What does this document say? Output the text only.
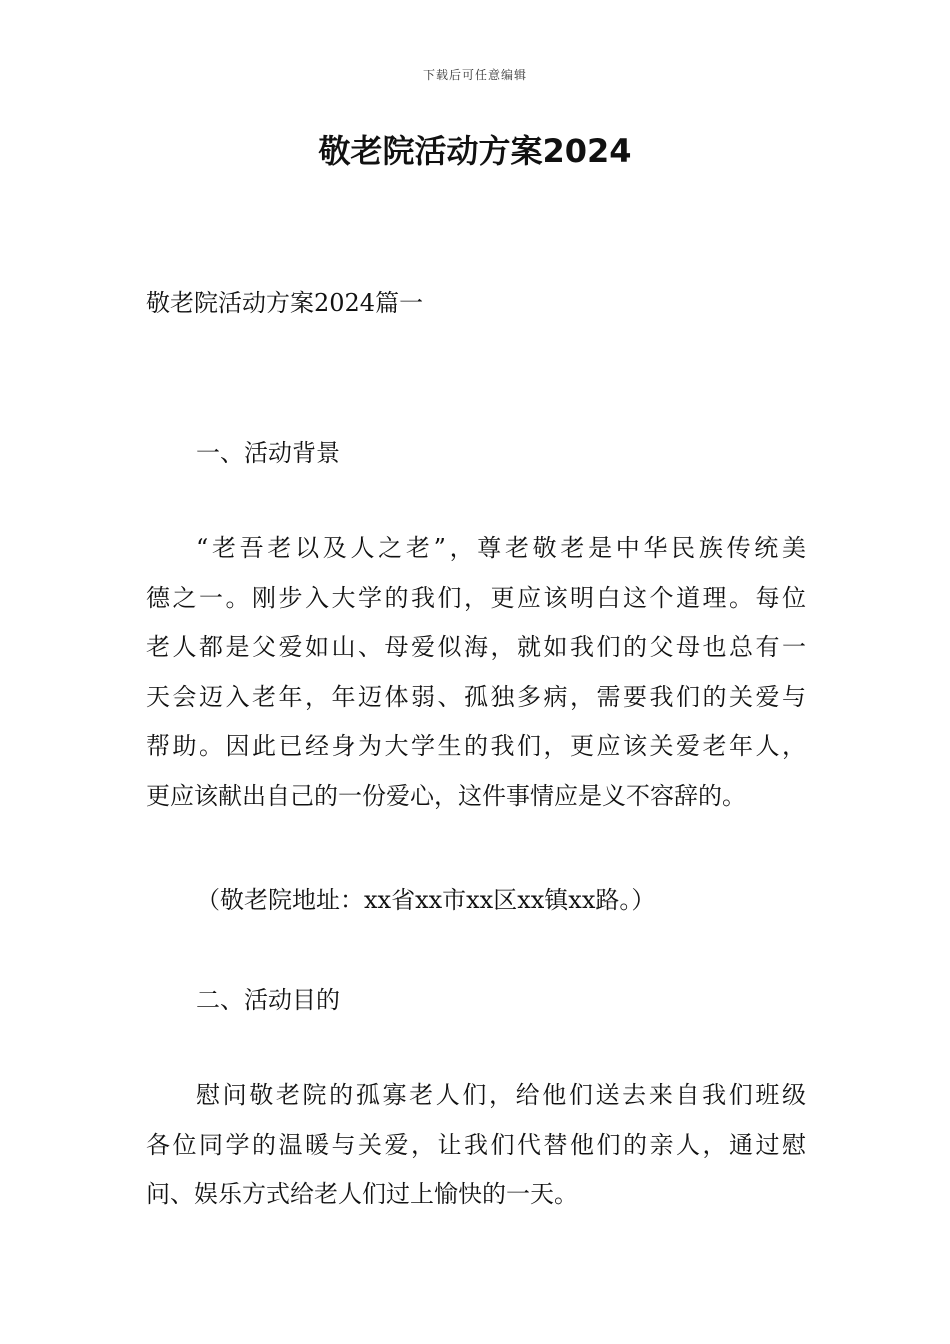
下载后可任意编辑
敬老院活动方案2024
敬老院活动方案2024篇一
一、活动背景
“老吾老以及人之老”，尊老敬老是中华民族传统美
德之一。刚步入大学的我们，更应该明白这个道理。每位
老人都是父爱如山、母爱似海，就如我们的父母也总有一
天会迈入老年，年迈体弱、孤独多病，需要我们的关爱与
帮助。因此已经身为大学生的我们，更应该关爱老年人，
更应该献出自己的一份爱心，这件事情应是义不容辞的。
（敬老院地址：xx省xx市xx区xx镇xx路。）
二、活动目的
慰问敬老院的孤寡老人们，给他们送去来自我们班级
各位同学的温暖与关爱，让我们代替他们的亲人，通过慰
问、娱乐方式给老人们过上愉快的一天。
